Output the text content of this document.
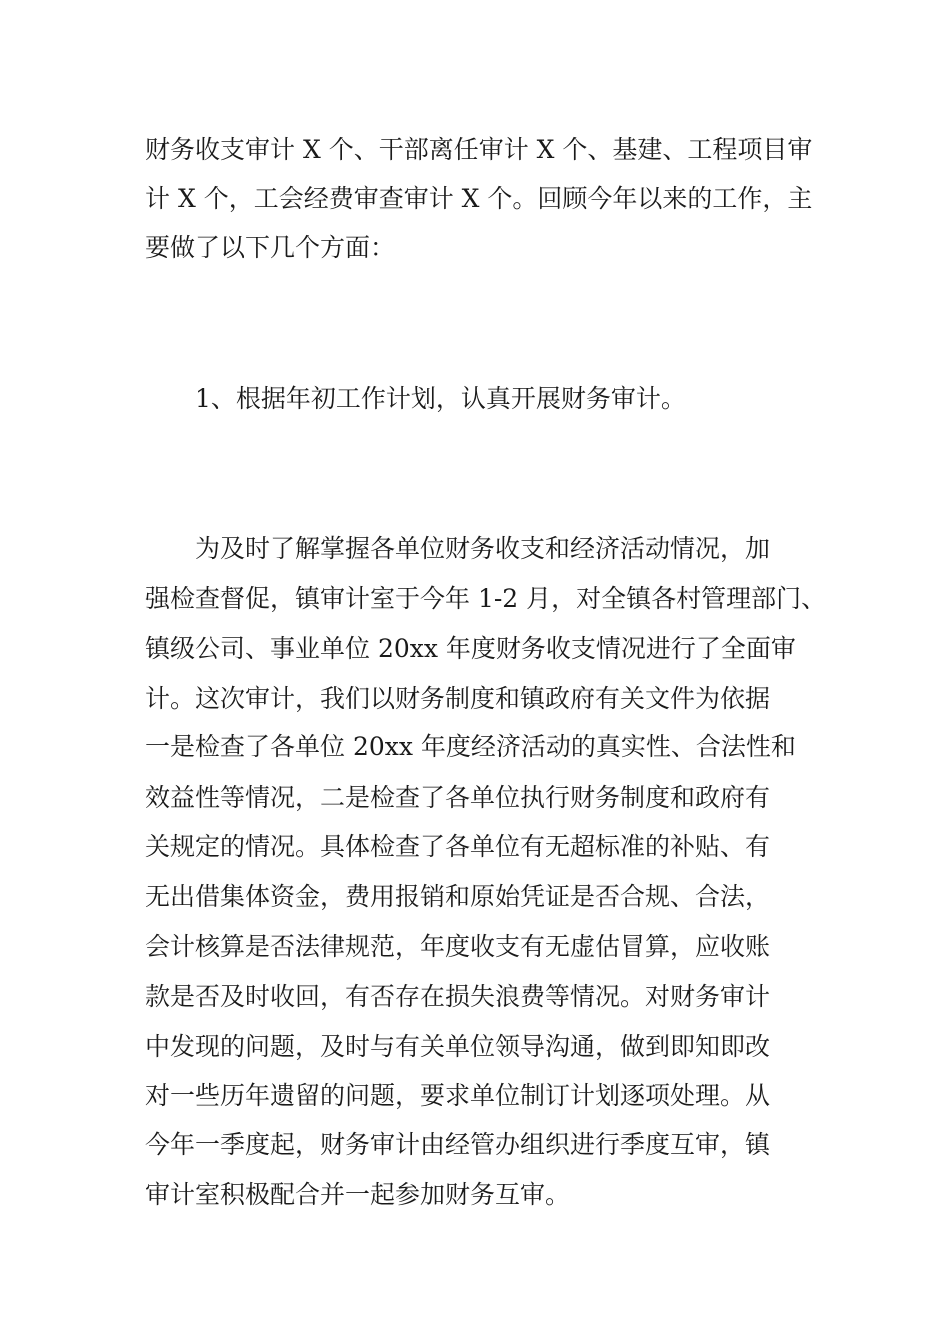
财务收支审计 X 个、干部离任审计 X 个、基建、工程项目审

计 X 个，工会经费审查审计 X 个。回顾今年以来的工作，主

要做了以下几个方面：

1、根据年初工作计划，认真开展财务审计。

为及时了解掌握各单位财务收支和经济活动情况，加

强检查督促，镇审计室于今年 1-2 月，对全镇各村管理部门、

镇级公司、事业单位 20xx 年度财务收支情况进行了全面审

计。这次审计，我们以财务制度和镇政府有关文件为依据

一是检查了各单位 20xx 年度经济活动的真实性、合法性和

效益性等情况，二是检查了各单位执行财务制度和政府有

关规定的情况。具体检查了各单位有无超标准的补贴、有

无出借集体资金，费用报销和原始凭证是否合规、合法，

会计核算是否法律规范，年度收支有无虚估冒算，应收账

款是否及时收回，有否存在损失浪费等情况。对财务审计

中发现的问题，及时与有关单位领导沟通，做到即知即改

对一些历年遗留的问题，要求单位制订计划逐项处理。从

今年一季度起，财务审计由经管办组织进行季度互审，镇

审计室积极配合并一起参加财务互审。
